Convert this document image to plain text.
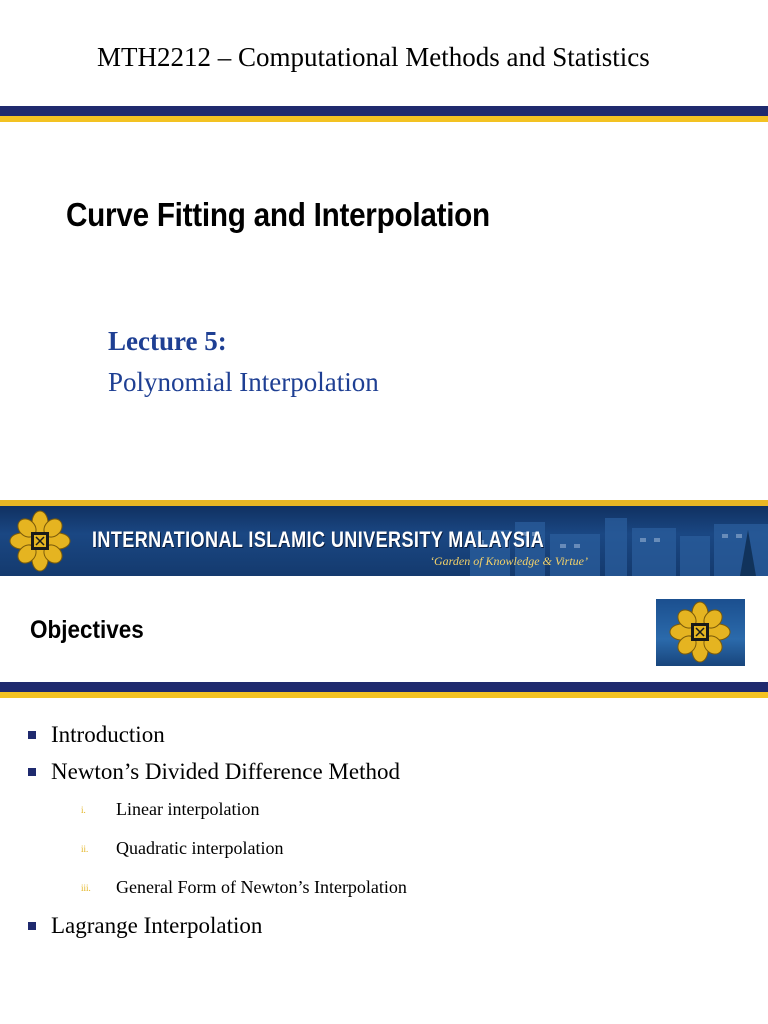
MTH2212 – Computational Methods and Statistics

Curve Fitting and Interpolation

Lecture 5:

Polynomial Interpolation

INTERNATIONAL ISLAMIC UNIVERSITY MALAYSIA
‘Garden of Knowledge & Virtue’
Objectives
Introduction
Newton’s Divided Difference Method
i.	Linear interpolation
ii.	Quadratic interpolation
iii.	General Form of Newton’s Interpolation
Lagrange Interpolation
